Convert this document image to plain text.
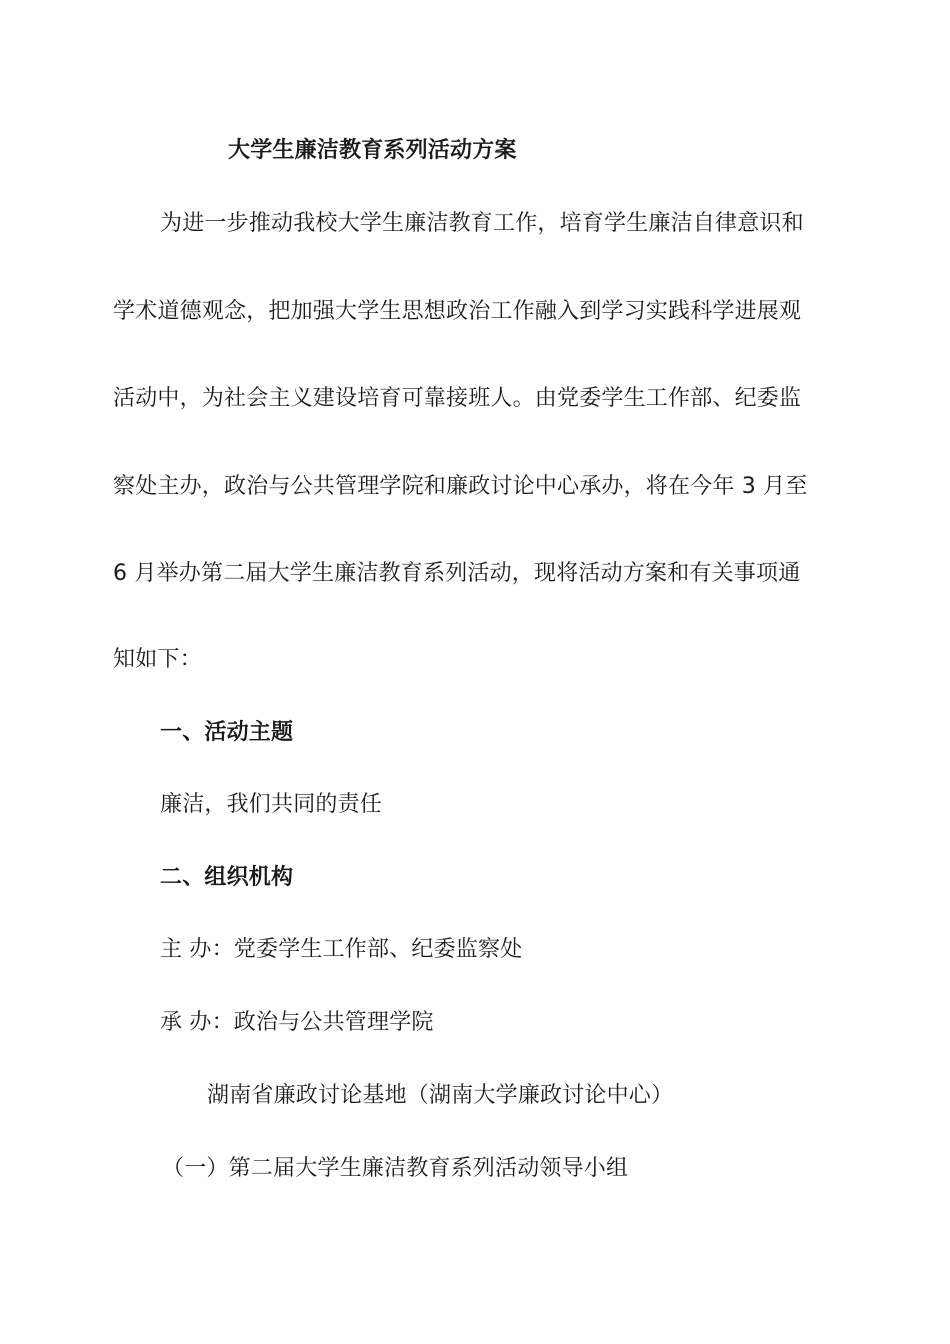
大学生廉洁教育系列活动方案
为进一步推动我校大学生廉洁教育工作，培育学生廉洁自律意识和
学术道德观念，把加强大学生思想政治工作融入到学习实践科学进展观
活动中，为社会主义建设培育可靠接班人。由党委学生工作部、纪委监
察处主办，政治与公共管理学院和廉政讨论中心承办，将在今年 3 月至
6 月举办第二届大学生廉洁教育系列活动，现将活动方案和有关事项通
知如下：
一、活动主题
廉洁，我们共同的责任
二、组织机构
主 办：党委学生工作部、纪委监察处
承 办：政治与公共管理学院
湖南省廉政讨论基地（湖南大学廉政讨论中心）
（一）第二届大学生廉洁教育系列活动领导小组
